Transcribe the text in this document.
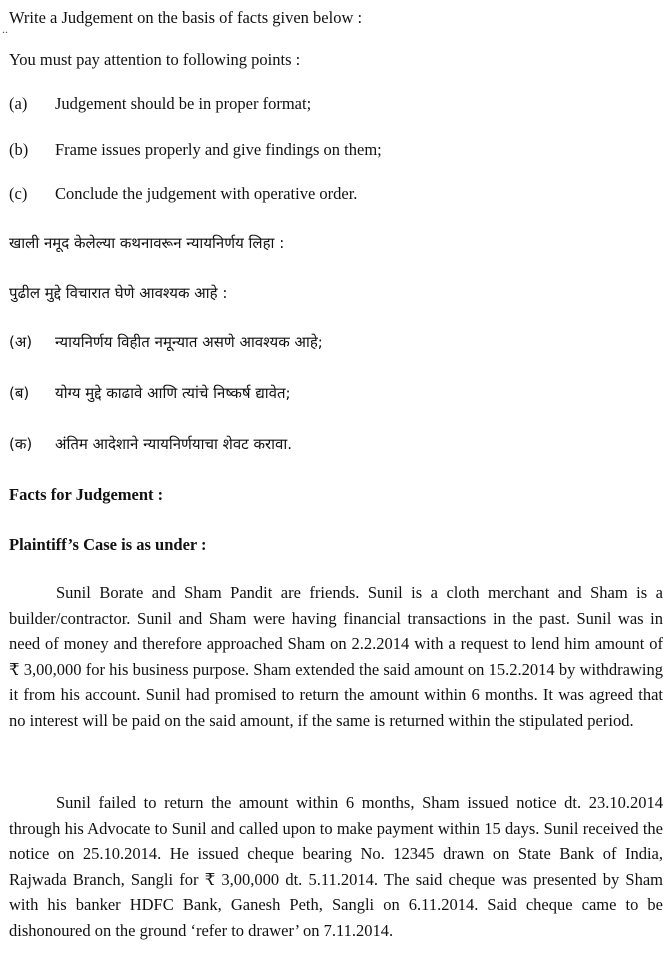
Write a Judgement on the basis of facts given below :
..
You must pay attention to following points :
(a) Judgement should be in proper format;
(b) Frame issues properly and give findings on them;
(c) Conclude the judgement with operative order.
खाली नमूद केलेल्या कथनावरून न्यायनिर्णय लिहा :
पुढील मुद्दे विचारात घेणे आवश्यक आहे :
(अ) न्यायनिर्णय विहीत नमून्यात असणे आवश्यक आहे;
(ब) योग्य मुद्दे काढावे आणि त्यांचे निष्कर्ष द्यावेत;
(क) अंतिम आदेशाने न्यायनिर्णयाचा शेवट करावा.
Facts for Judgement :
Plaintiff’s Case is as under :
Sunil Borate and Sham Pandit are friends. Sunil is a cloth merchant and Sham is a builder/contractor. Sunil and Sham were having financial transactions in the past. Sunil was in need of money and therefore approached Sham on 2.2.2014 with a request to lend him amount of ₹ 3,00,000 for his business purpose. Sham extended the said amount on 15.2.2014 by withdrawing it from his account. Sunil had promised to return the amount within 6 months. It was agreed that no interest will be paid on the said amount, if the same is returned within the stipulated period.
Sunil failed to return the amount within 6 months, Sham issued notice dt. 23.10.2014 through his Advocate to Sunil and called upon to make payment within 15 days. Sunil received the notice on 25.10.2014. He issued cheque bearing No. 12345 drawn on State Bank of India, Rajwada Branch, Sangli for ₹ 3,00,000 dt. 5.11.2014. The said cheque was presented by Sham with his banker HDFC Bank, Ganesh Peth, Sangli on 6.11.2014. Said cheque came to be dishonoured on the ground ‘refer to drawer’ on 7.11.2014.
